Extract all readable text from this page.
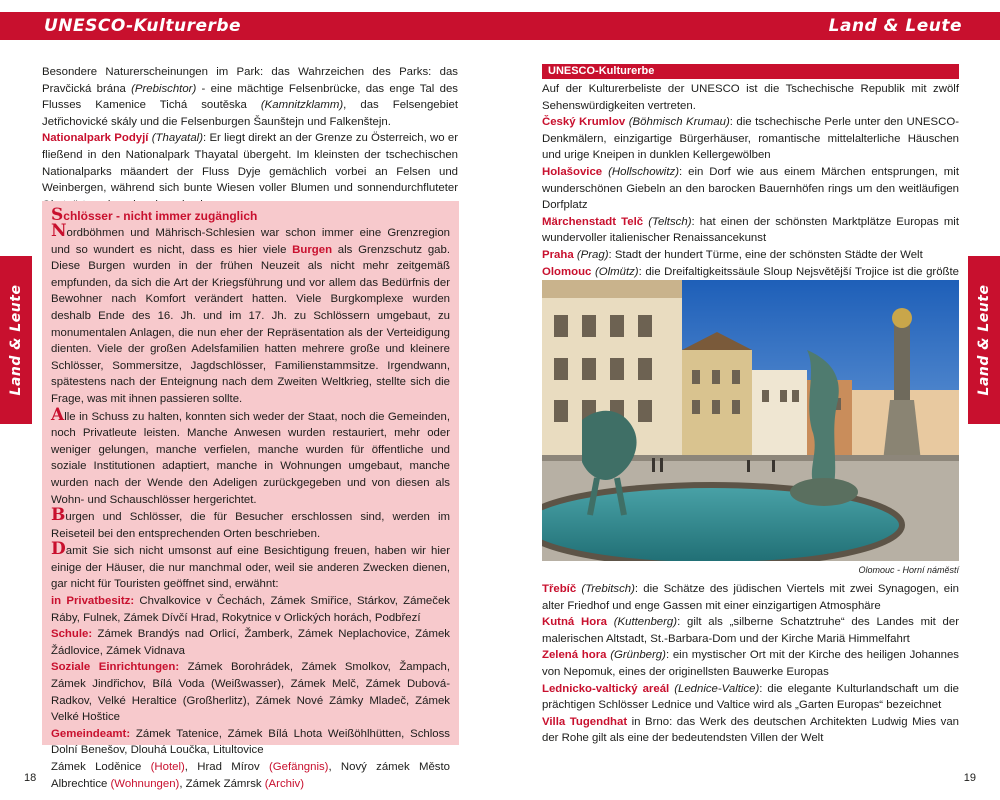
UNESCO-Kulturerbe	Land & Leute
Land & Leute	Land & Leute

Besondere Naturerscheinungen im Park: das Wahrzeichen des Parks: das Pravčická brána (Prebischtor) - eine mächtige Felsenbrücke, das enge Tal des Flusses Kamenice Tichá soutěska (Kamnitzklamm), das Felsengebiet Jetřichovické skály und die Felsenburgen Šaunštejn und Falkenštejn.

Nationalpark Podyjí (Thayatal): Er liegt direkt an der Grenze zu Österreich, wo er fließend in den Nationalpark Thayatal übergeht. Im kleinsten der tschechischen Nationalparks mäandert der Fluss Dyje gemächlich vorbei an Felsen und Weinbergen, während sich bunte Wiesen voller Blumen und sonnendurchfluteter

Schlösser - nicht immer zugänglich

Nordböhmen und Mährisch-Schlesien war schon immer eine Grenzregion und so wundert es nicht, dass es hier viele Burgen als Grenzschutz gab. Diese Burgen wurden in der frühen Neuzeit als nicht mehr zeitgemäß empfunden, da sich die Art der Kriegsführung und vor allem das Bedürfnis der Bewohner nach Komfort verändert hatten. Viele Burgkomplexe wurden deshalb Ende des 16. Jh. und im 17. Jh. zu Schlössern umgebaut, zu monumentalen Anlagen, die nun eher der Repräsentation als der Verteidigung dienten. Viele der großen Adelsfamilien hatten mehrere große und kleinere Schlösser, Sommersitze, Jagdschlösser, Familienstammsitze. Irgendwann, spätestens nach der Enteignung nach dem Zweiten Weltkrieg, stellte sich die Frage, was mit ihnen passieren sollte.

Alle in Schuss zu halten, konnten sich weder der Staat, noch die Gemeinden, noch Privatleute leisten. Manche Anwesen wurden restauriert, mehr oder weniger gelungen, manche verfielen, manche wurden für öffentliche und soziale Institutionen adaptiert, manche in Wohnungen umgebaut, manche wurden nach der Wende den Adeligen zurückgegeben und von diesen als Wohn- und Schauschlösser hergerichtet.

Burgen und Schlösser, die für Besucher erschlossen sind, werden im Reiseteil bei den entsprechenden Orten beschrieben.

Damit Sie sich nicht umsonst auf eine Besichtigung freuen, haben wir hier einige der Häuser, die nur manchmal oder, weil sie anderen Zwecken dienen, gar nicht für Touristen geöffnet sind, erwähnt:

in Privatbesitz: Chvalkovice v Čechách, Zámek Smiřice, Stárkov, Zámeček Ráby, Fulnek, Zámek Dívčí Hrad, Rokytnice v Orlických horách, Podbřezí

Schule: Zámek Brandýs nad Orlicí, Žamberk, Zámek Neplachovice, Zámek Žádlovice, Zámek Vidnava

Soziale Einrichtungen: Zámek Borohrádek, Zámek Smolkov, Žampach, Zámek Jindřichov, Bílá Voda (Weißwasser), Zámek Melč, Zámek Dubová-Radkov, Velké Heraltice (Großherlitz), Zámek Nové Zámky Mladeč, Zámek Velké Hoštice

Gemeindeamt: Zámek Tatenice, Zámek Bílá Lhota Weißöhlhütten, Schloss Dolní Benešov, Dlouhá Loučka, Litultovice

Zámek Loděnice (Hotel), Hrad Mírov (Gefängnis), Nový zámek Město Albrechtice (Wohnungen), Zámek Zámrsk (Archiv)

UNESCO-Kulturerbe

Auf der Kulturerbeliste der UNESCO ist die Tschechische Republik mit zwölf Sehenswürdigkeiten vertreten.

Český Krumlov (Böhmisch Krumau): die tschechische Perle unter den UNESCO-Denkmälern, einzigartige Bürgerhäuser, romantische mittelalterliche Häuschen und urige Kneipen in dunklen Kellergewölben

Holašovice (Hollschowitz): ein Dorf wie aus einem Märchen entsprungen, mit wunderschönen Giebeln an den barocken Bauernhöfen rings um den weitläufigen Dorfplatz

Märchenstadt Telč (Teltsch): hat einen der schönsten Marktplätze Europas mit wundervoller italienischer Renaissancekunst

Praha (Prag): Stadt der hundert Türme, eine der schönsten Städte der Welt

Olomouc (Olmütz): die Dreifaltigkeitssäule Sloup Nejsvětější Trojice ist die größte

Olomouc - Horní náměstí

Třebíč (Trebitsch): die Schätze des jüdischen Viertels mit zwei Synagogen, ein alter Friedhof und enge Gassen mit einer einzigartigen Atmosphäre

Kutná Hora (Kuttenberg): gilt als „silberne Schatztruhe“ des Landes mit der malerischen Altstadt, St.-Barbara-Dom und der Kirche Mariä Himmelfahrt

Zelená hora (Grünberg): ein mystischer Ort mit der Kirche des heiligen Johannes von Nepomuk, eines der originellsten Bauwerke Europas

Lednicko-valtický areál (Lednice-Valtice): die elegante Kulturlandschaft um die prächtigen Schlösser Lednice und Valtice wird als „Garten Europas“ bezeichnet

Villa Tugendhat in Brno: das Werk des deutschen Architekten Ludwig Mies van der Rohe gilt als eine der bedeutendsten Villen der Welt

18	19
